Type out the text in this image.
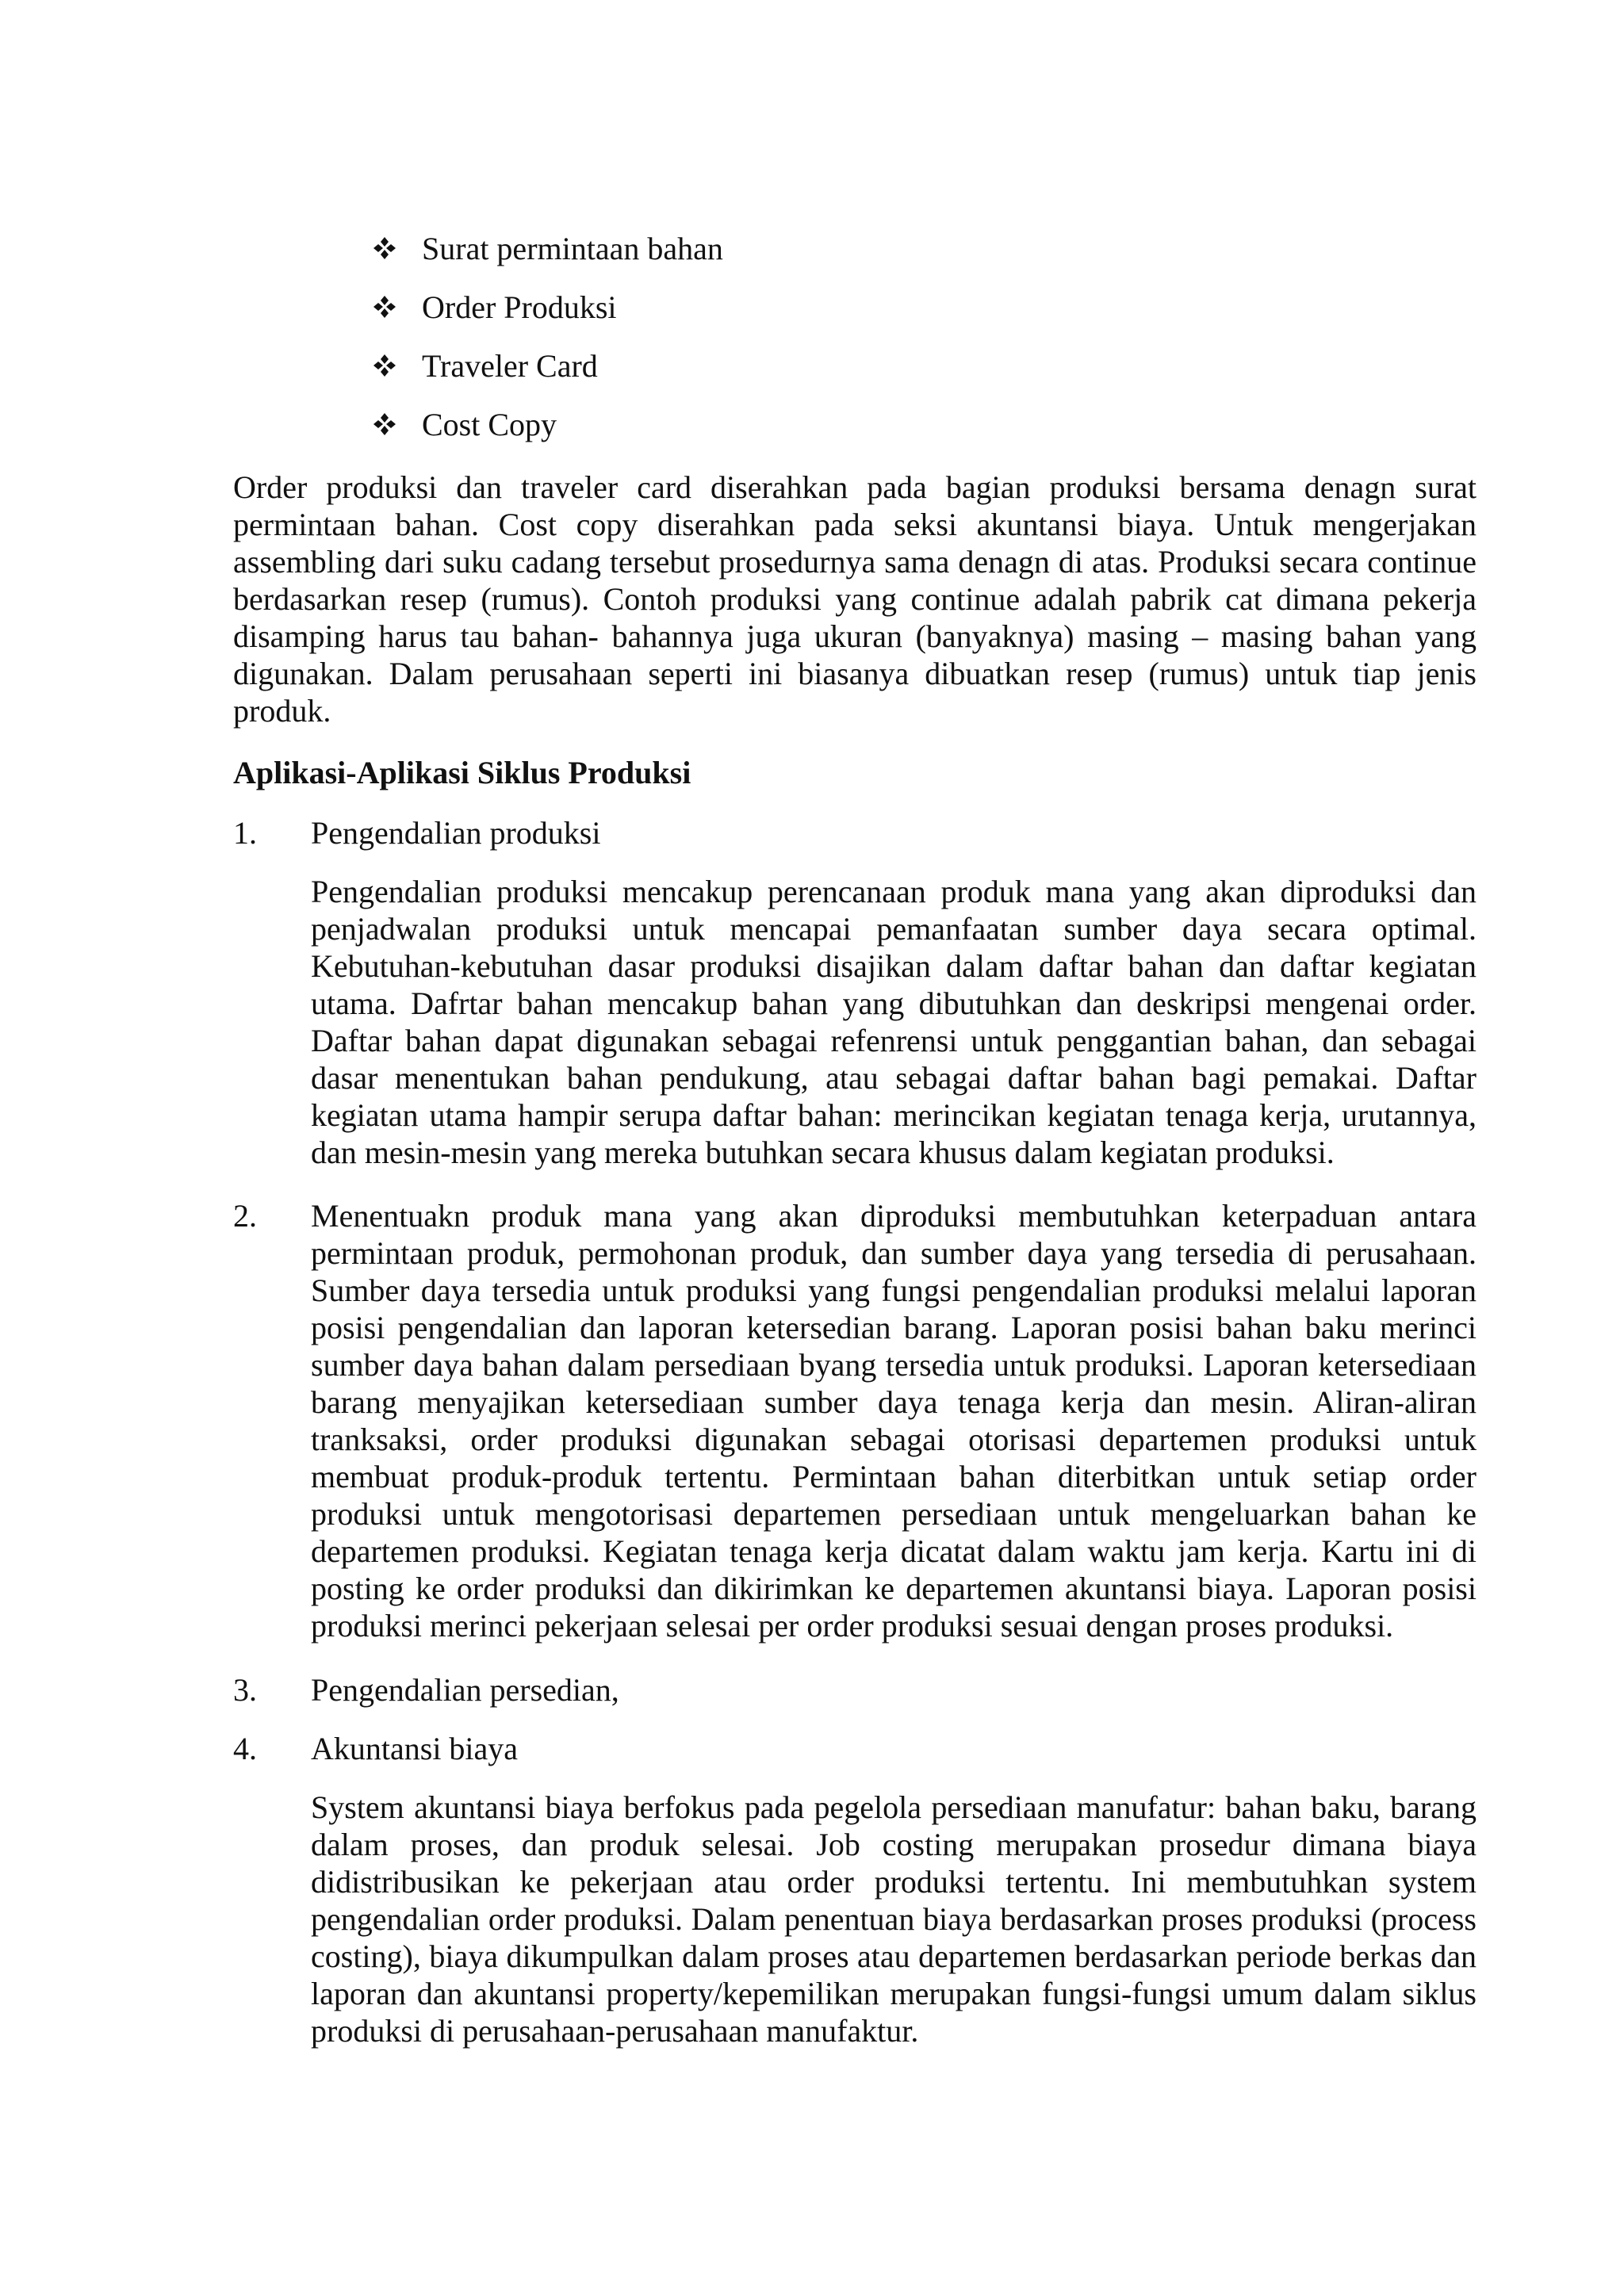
Surat permintaan bahan
Order Produksi
Traveler Card
Cost Copy

Order produksi dan traveler card diserahkan pada bagian produksi bersama denagn surat permintaan bahan. Cost copy diserahkan pada seksi akuntansi biaya. Untuk mengerjakan assembling dari suku cadang tersebut prosedurnya sama denagn di atas. Produksi secara continue berdasarkan resep (rumus). Contoh produksi yang continue adalah pabrik cat dimana pekerja disamping harus tau bahan- bahannya juga ukuran (banyaknya) masing – masing bahan yang digunakan. Dalam perusahaan seperti ini biasanya dibuatkan resep (rumus) untuk tiap jenis produk.

Aplikasi-Aplikasi Siklus Produksi
1.	Pengendalian produksi
Pengendalian produksi mencakup perencanaan produk mana yang akan diproduksi dan penjadwalan produksi untuk mencapai pemanfaatan sumber daya secara optimal. Kebutuhan-kebutuhan dasar produksi disajikan dalam daftar bahan dan daftar kegiatan utama. Dafrtar bahan mencakup bahan yang dibutuhkan dan deskripsi mengenai order. Daftar bahan dapat digunakan sebagai refenrensi untuk penggantian bahan, dan sebagai dasar menentukan bahan pendukung, atau sebagai daftar bahan bagi pemakai. Daftar kegiatan utama hampir serupa daftar bahan: merincikan kegiatan tenaga kerja, urutannya, dan mesin-mesin yang mereka butuhkan secara khusus dalam kegiatan produksi.
2.	Menentuakn produk mana yang akan diproduksi membutuhkan keterpaduan antara permintaan produk, permohonan produk, dan sumber daya yang tersedia di perusahaan. Sumber daya tersedia untuk produksi yang fungsi pengendalian produksi melalui laporan posisi pengendalian dan laporan ketersedian barang. Laporan posisi bahan baku merinci sumber daya bahan dalam persediaan byang tersedia untuk produksi. Laporan ketersediaan barang menyajikan ketersediaan sumber daya tenaga kerja dan mesin. Aliran-aliran tranksaksi, order produksi digunakan sebagai otorisasi departemen produksi untuk membuat produk-produk tertentu. Permintaan bahan diterbitkan untuk setiap order produksi untuk mengotorisasi departemen persediaan untuk mengeluarkan bahan ke departemen produksi. Kegiatan tenaga kerja dicatat dalam waktu jam kerja. Kartu ini di posting ke order produksi dan dikirimkan ke departemen akuntansi biaya. Laporan posisi produksi merinci pekerjaan selesai per order produksi sesuai dengan proses produksi.
3.	Pengendalian persedian,
4.	Akuntansi biaya
System akuntansi biaya berfokus pada pegelola persediaan manufatur: bahan baku, barang dalam proses, dan produk selesai. Job costing merupakan prosedur dimana biaya didistribusikan ke pekerjaan atau order produksi tertentu. Ini membutuhkan system pengendalian order produksi. Dalam penentuan biaya berdasarkan proses produksi (process costing), biaya dikumpulkan dalam proses atau departemen berdasarkan periode berkas dan laporan dan akuntansi property/kepemilikan merupakan fungsi-fungsi umum dalam siklus produksi di perusahaan-perusahaan manufaktur.
